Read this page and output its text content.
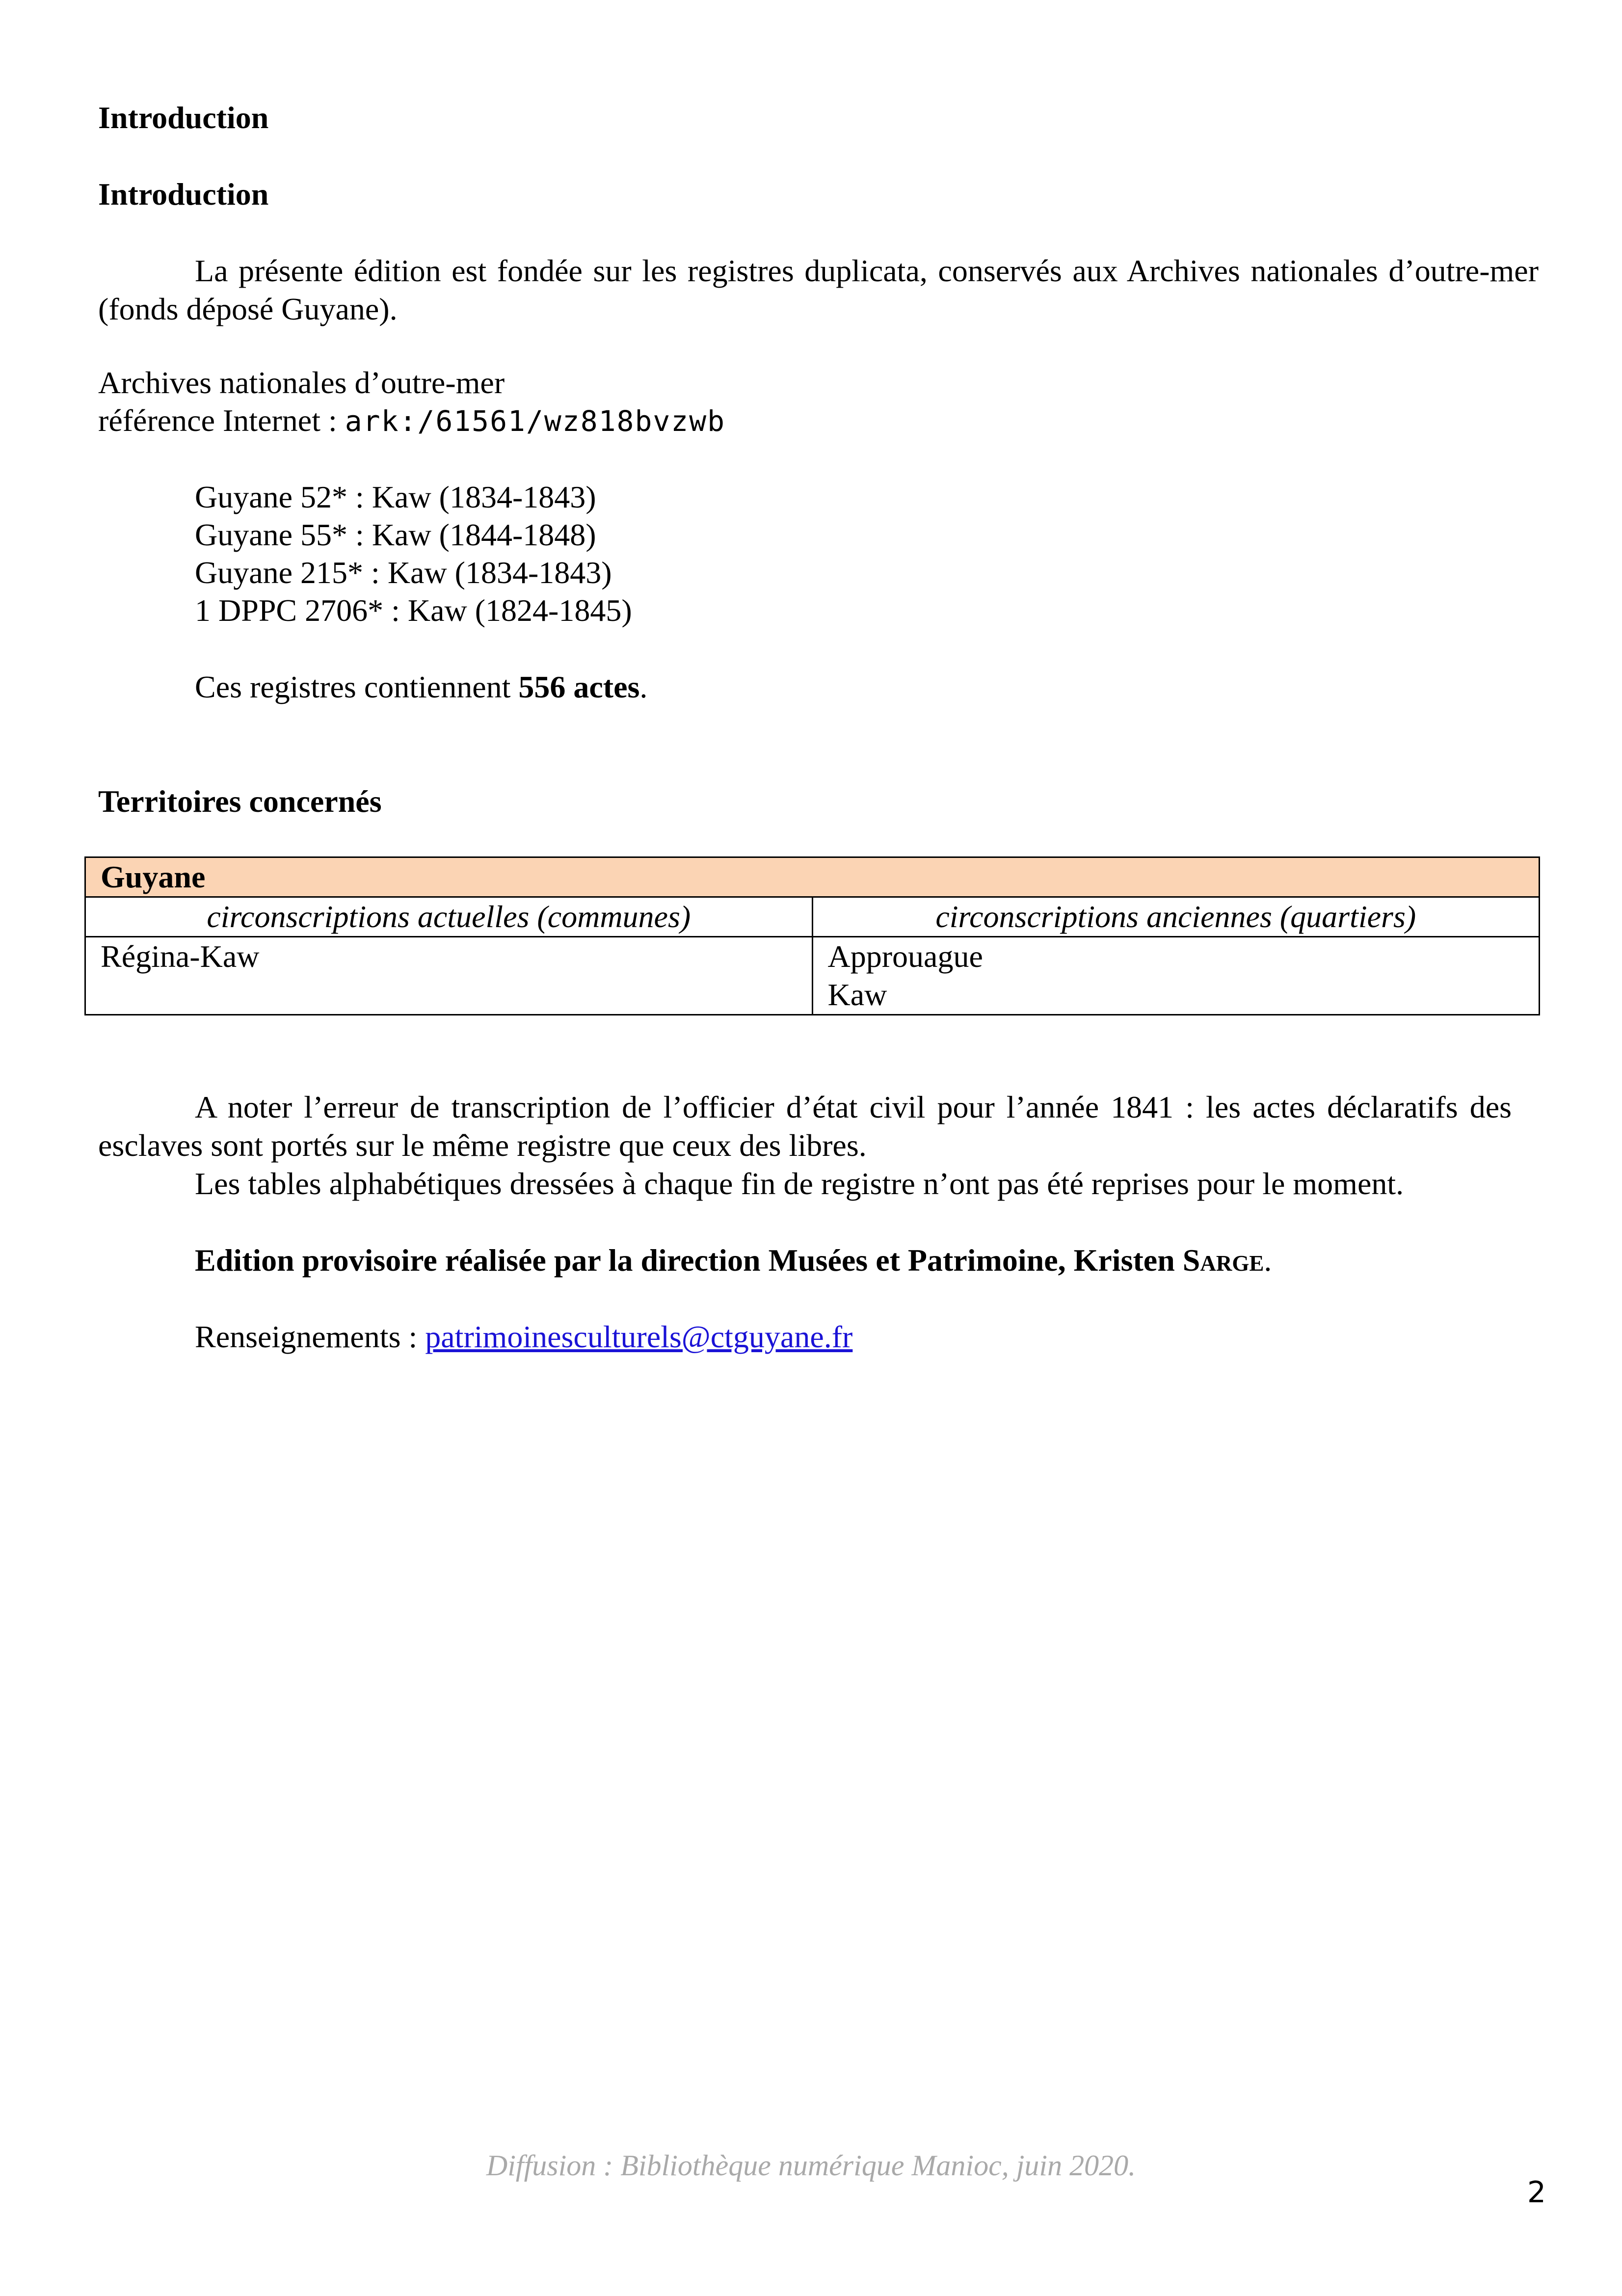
Introduction

Introduction

La présente édition est fondée sur les registres duplicata, conservés aux Archives nationales d’outre-mer (fonds déposé Guyane).

Archives nationales d’outre-mer

référence Internet : ark:/61561/wz818bvzwb

Guyane 52* : Kaw (1834-1843)

Guyane 55* : Kaw (1844-1848)

Guyane 215* : Kaw (1834-1843)

1 DPPC 2706* : Kaw (1824-1845)

Ces registres contiennent 556 actes.

Territoires concernés

Guyane	
circonscriptions actuelles (communes)	circonscriptions anciennes (quartiers)

Régina-Kaw	Approuague
Kaw

A noter l’erreur de transcription de l’officier d’état civil pour l’année 1841 : les actes déclaratifs des esclaves sont portés sur le même registre que ceux des libres.

Les tables alphabétiques dressées à chaque fin de registre n’ont pas été reprises pour le moment.

Edition provisoire réalisée par la direction Musées et Patrimoine, Kristen Sarge.

Renseignements : patrimoinesculturels@ctguyane.fr

Diffusion : Bibliothèque numérique Manioc, juin 2020.

2
